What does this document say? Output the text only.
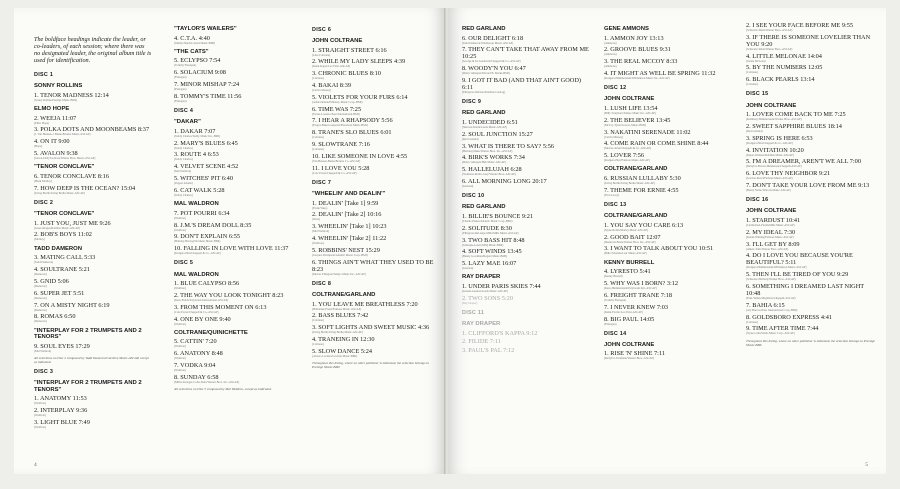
The boldface headings indicate the leader, or co-leaders, of each session; where there was no designated leader, the original album title is used for identification.
DISC 1
SONNY ROLLINS
1. TENOR MADNESS 12:14
(Sonny Rollins/Prestige Music-BMI)
ELMO HOPE
2. WEEJA 11:07
(Elmo Hope)
3. POLKA DOTS AND MOONBEAMS 8:37
(J. Van Heusen-J. Burke/Bourne Music-ASCAP)
4. ON IT 9:00
(Hope)
5. AVALON 9:38
(Jolson-DeSylva-Rose/Warner Bros. Music-ASCAP)
"TENOR CONCLAVE"
6. TENOR CONCLAVE 8:16
(Hank Mobley)
7. HOW DEEP IS THE OCEAN? 15:04
(Irving Berlin/Irving Berlin Music-ASCAP)
DISC 2
"TENOR CONCLAVE"
1. JUST YOU, JUST ME 9:26
(Greer-Klages/Robbins Music-ASCAP)
2. BOB'S BOYS 11:02
(Mobley)
TADD DAMERON
3. MATING CALL 5:33
(Tadd Dameron)
4. SOULTRANE 5:21
(Dameron)
5. GNID 5:06
(Dameron)
6. SUPER JET 5:51
(Dameron)
7. ON A MISTY NIGHT 6:19
(Dameron)
8. ROMAS 6:50
(Dameron)
"INTERPLAY FOR 2 TRUMPETS AND 2 TENORS"
9. SOUL EYES 17:29
(Mal Waldron)
All selections on Disc 2 composed by Tadd Dameron/Caroline Music-ASCAP, except as indicated.
DISC 3
"INTERPLAY FOR 2 TRUMPETS AND 2 TENORS"
1. ANATOMY 11:53
(Waldron)
2. INTERPLAY 9:36
(Waldron)
3. LIGHT BLUE 7:49
(Waldron)
"TAYLOR'S WAILERS"
4. C.T.A. 4:40
(Jimmy Heath/Conrad Music-BMI)
"THE CATS"
5. ECLYPSO 7:54
(Tommy Flanagan)
6. SOLACIUM 9:08
(Flanagan)
7. MINOR MISHAP 7:24
(Flanagan)
8. TOMMY'S TIME 11:56
(Flanagan)
DISC 4
"DAKAR"
1. DAKAR 7:07
(Teddy Charles/Teddy Music Inc.-BMI)
2. MARY'S BLUES 6:45
(Teddy Charles)
3. ROUTE 4 6:53
(Teddy Charles)
4. VELVET SCENE 4:52
(Mal Waldron)
5. WITCHES' PIT 6:40
(Pepper Adams)
6. CAT WALK 5:28
(Teddy Charles)
MAL WALDRON
7. POT POURRI 6:34
(Waldron)
8. J.M.'S DREAM DOLL 8:35
(Waldron)
9. DON'T EXPLAIN 6:55
(Holiday-Herzog/Northern Music-BMI)
10. FALLING IN LOVE WITH LOVE 11:37
(Rodgers-Hart/Chappell & Co.-ASCAP)
DISC 5
MAL WALDRON
1. BLUE CALYPSO 8:56
(Waldron)
2. THE WAY YOU LOOK TONIGHT 8:23
(Kern-Fields/PolyGram International-ASCAP)
3. FROM THIS MOMENT ON 6:13
(Cole Porter/Chappell & Co.-ASCAP)
4. ONE BY ONE 9:40
(Waldron)
COLTRANE/QUINICHETTE
5. CATTIN' 7:20
(Waldron)
6. ANATONY 8:48
(Waldron)
7. VODKA 9:04
(Waldron)
8. SUNDAY 6:58
(Miller-Krueger-Cohn-Stein/Warner Bros. Inc.-ASCAP)
All selections on Disc 5 composed by Mal Waldron, except as indicated.
DISC 6
JOHN COLTRANE
1. STRAIGHT STREET 6:16
(John Coltrane)
2. WHILE MY LADY SLEEPS 4:39
(Kahn-Kaper/Leo Feist-ASCAP)
3. CHRONIC BLUES 8:10
(Coltrane)
4. BAKAI 8:39
(Calvin Massey)
5. VIOLETS FOR YOUR FURS 6:14
(Adair-Dennis/Embassy Music Corp.-BMI)
6. TIME WAS 7:25
(Farres-Lorenzo/Peer International-BMI)
7. I HEAR A RHAPSODY 5:56
(Fragos-Baker-Gasparre/Broadcast Music-BMI)
8. TRANE'S SLO BLUES 6:01
(Coltrane)
9. SLOWTRANE 7:16
(Coltrane)
10. LIKE SOMEONE IN LOVE 4:55
(Van Heusen-Burke/Bourne Co.-ASCAP)
11. I LOVE YOU 5:28
(Cole Porter/Chappell & Co.-ASCAP)
DISC 7
"WHEELIN' AND DEALIN'"
1. DEALIN' [Take 1] 9:59
(Frank Wess)
2. DEALIN' [Take 2] 10:16
(Wess)
3. WHEELIN' [Take 1] 10:23
(Mal Waldron)
4. WHEELIN' [Take 2] 11:22
(Waldron)
5. ROBBINS' NEST 15:29
(Jacquet-Thompson/Atlantic Music Corp.-BMI)
6. THINGS AIN'T WHAT THEY USED TO BE 8:23
(Mercer Ellington/Tempo Music Inc.-ASCAP)
DISC 8
COLTRANE/GARLAND
1. YOU LEAVE ME BREATHLESS 7:20
(Hollander-Freed/Famous Music-ASCAP)
2. BASS BLUES 7:42
(Coltrane)
3. SOFT LIGHTS AND SWEET MUSIC 4:36
(Irving Berlin/Irving Berlin Music-ASCAP)
4. TRANEING IN 12:30
(Coltrane)
5. SLOW DANCE 5:24
(Alonzo Levister/Levister Music-BMI)
Throughout this listing, where no other publisher is indicated, the selection belongs to Prestige Music-BMI.
4
RED GARLAND
6. OUR DELIGHT 6:18
(Tadd Dameron/Windswept Music-ASCAP)
7. THEY CAN'T TAKE THAT AWAY FROM ME 10:25
(George & Ira Gershwin/Chappell & Co.-ASCAP)
8. WOODY'N YOU 6:47
(Dizzy Gillespie/Edward B. Marks-BMI)
9. I GOT IT BAD (AND THAT AIN'T GOOD) 6:11
(Ellington-Webster/Robbins Catalog)
DISC 9
RED GARLAND
1. UNDECIDED 6:51
(Shavers-Robin/Leeds Music-ASCAP)
2. SOUL JUNCTION 15:27
(Red Garland)
3. WHAT IS THERE TO SAY? 5:56
(Harburg-Duke/Warner Bros. Inc.-ASCAP)
4. BIRK'S WORKS 7:34
(Dizzy Gillespie/Hub Music-ASCAP)
5. HALLELUJAH 6:28
(Youmans-Robin-Grey/Warner Bros.-ASCAP)
6. ALL MORNING LONG 20:17
(Garland)
DISC 10
RED GARLAND
1. BILLIE'S BOUNCE 9:21
(Charlie Parker/Atlantic Music Corp.-BMI)
2. SOLITUDE 8:30
(Ellington-DeLange-Mills/Mills Music-ASCAP)
3. TWO BASS HIT 8:48
(Gillespie-Lewis/MJQ Music-BMI)
4. SOFT WINDS 13:45
(Benny Goodman/Regent Music-BMI)
5. LAZY MAE 16:07
(Garland)
RAY DRAPER
1. UNDER PARIS SKIES 7:44
(Giraud-Gannon/Leeds Music-ASCAP)
2. TWO SONS 5:20
(Ray Draper)
DISC 11
RAY DRAPER
1. CLIFFORD'S KAPPA 9:12
2. FILIDE 7:11
3. PAUL'S PAL 7:12
GENE AMMONS
1. AMMON JOY 13:13
(Ammons)
2. GROOVE BLUES 9:31
(Ammons)
3. THE REAL MCCOY 8:33
(Ammons)
4. IT MIGHT AS WELL BE SPRING 11:32
(Rodgers-Hammerstein/Williamson Music Inc.-ASCAP)
DISC 12
JOHN COLTRANE
1. LUSH LIFE 13:54
(Billy Strayhorn/Tempo Music Inc.-ASCAP)
2. THE BELIEVER 13:45
(McCoy Tyner/Groove Music-BMI)
3. NAKATINI SERENADE 11:02
(Calvin Massey)
4. COME RAIN OR COME SHINE 8:44
(Mercer-Arlen/Chappell & Co.-ASCAP)
5. LOVER 7:56
(Rodgers-Hart/Famous Music-ASCAP)
COLTRANE/GARLAND
6. RUSSIAN LULLABY 5:30
(Irving Berlin/Irving Berlin Music-ASCAP)
7. THEME FOR ERNIE 4:55
(Fred Lacey)
DISC 13
COLTRANE/GARLAND
1. YOU SAY YOU CARE 6:13
(Styne-Robin/Morley Music-ASCAP)
2. GOOD BAIT 12:07
(Dameron-Basie/Warner Bros. Inc.-ASCAP)
3. I WANT TO TALK ABOUT YOU 10:51
(Billy Eckstine/Lear Music-ASCAP)
KENNY BURRELL
4. LYRESTO 5:41
(Kenny Burrell)
5. WHY WAS I BORN? 3:12
(Kern-Hammerstein/PolyGram Intl.-ASCAP)
6. FREIGHT TRANE 7:18
(Tommy Flanagan)
7. I NEVER KNEW 7:03
(Kahn-Fiorito/Leo Feist-ASCAP)
8. BIG PAUL 14:05
(Flanagan)
DISC 14
JOHN COLTRANE
1. RISE 'N' SHINE 7:11
(DeSylva-Youmans/Warner Bros.-ASCAP)
2. I SEE YOUR FACE BEFORE ME 9:55
(Schwartz-Dietz/Warner Bros.-ASCAP)
3. IF THERE IS SOMEONE LOVELIER THAN YOU 9:20
(Schwartz-Dietz/Warner Bros.-ASCAP)
4. LITTLE MELONAE 14:04
(Jackie McLean)
5. BY THE NUMBERS 12:05
(Coltrane)
6. BLACK PEARLS 13:14
(Coltrane)
DISC 15
JOHN COLTRANE
1. LOVER COME BACK TO ME 7:25
(Romberg-Hammerstein/Warner Bros.-ASCAP)
2. SWEET SAPPHIRE BLUES 18:14
(Red Garland)
3. SPRING IS HERE 6:53
(Rodgers-Hart/Chappell & Co.-ASCAP)
4. INVITATION 10:20
(Kaper-Webster/Robbins Music-ASCAP)
5. I'M A DREAMER, AREN'T WE ALL 7:00
(DeSylva-Brown-Henderson/Chappell-ASCAP)
6. LOVE THY NEIGHBOR 9:21
(Gordon-Revel/Famous Music-ASCAP)
7. DON'T TAKE YOUR LOVE FROM ME 9:13
(Henry Nemo/Warock Music-ASCAP)
DISC 16
JOHN COLTRANE
1. STARDUST 10:41
(Carmichael-Parish/Mills Music-ASCAP)
2. MY IDEAL 7:30
(Robin-Whiting/Famous Music-ASCAP)
3. I'LL GET BY 8:09
(Ahlert-Turk/Warner Bros.-ASCAP)
4. DO I LOVE YOU BECAUSE YOU'RE BEAUTIFUL? 5:11
(Rodgers-Hammerstein/Williamson Music-ASCAP)
5. THEN I'LL BE TIRED OF YOU 9:29
(Schwartz-Harburg/Warner Bros.-ASCAP)
6. SOMETHING I DREAMED LAST NIGHT 10:48
(Fain-Yellen-Magidson/Chappell-ASCAP)
7. BAHIA 6:15
(Ary Barroso/Peer International Corp.-BMI)
8. GOLDSBORO EXPRESS 4:41
(Coltrane)
9. TIME AFTER TIME 7:44
(Styne-Cahn/Sands Music Corp.-ASCAP)
Throughout this listing, where no other publisher is indicated, the selection belongs to Prestige Music-BMI.
5
